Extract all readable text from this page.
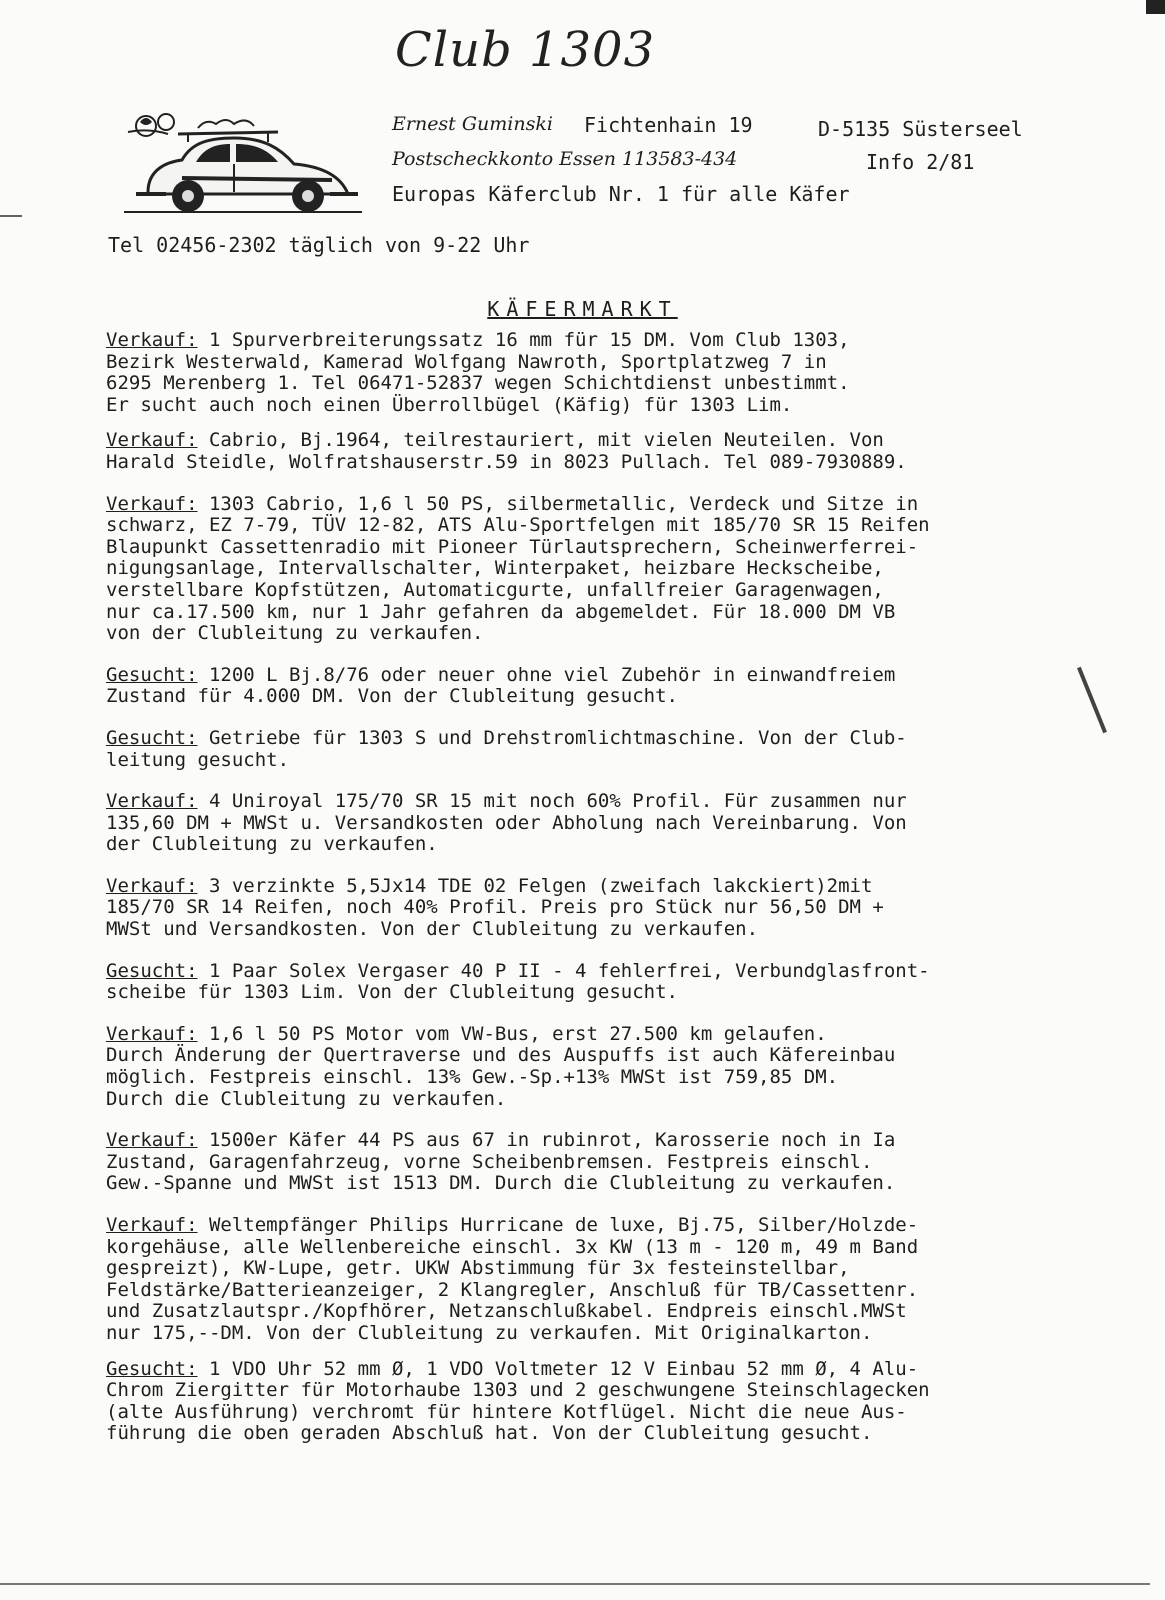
Club 1303
Ernest Guminski Fichtenhain 19	D-5135 Süsterseel
Postscheckkonto Essen 113583-434	Info 2/81
Europas Käferclub Nr. 1 für alle Käfer
Tel 02456-2302 täglich von 9-22 Uhr
KÄFERMARKT
Verkauf: 1 Spurverbreiterungssatz 16 mm für 15 DM. Vom Club 1303,
Bezirk Westerwald, Kamerad Wolfgang Nawroth, Sportplatzweg 7 in
6295 Merenberg 1. Tel 06471-52837 wegen Schichtdienst unbestimmt.
Er sucht auch noch einen Überrollbügel (Käfig) für 1303 Lim.
Verkauf: Cabrio, Bj.1964, teilrestauriert, mit vielen Neuteilen. Von
Harald Steidle, Wolfratshauserstr.59 in 8023 Pullach. Tel 089-7930889.
Verkauf: 1303 Cabrio, 1,6 l 50 PS, silbermetallic, Verdeck und Sitze in
schwarz, EZ 7-79, TÜV 12-82, ATS Alu-Sportfelgen mit 185/70 SR 15 Reifen
Blaupunkt Cassettenradio mit Pioneer Türlautsprechern, Scheinwerferrei-
nigungsanlage, Intervallschalter, Winterpaket, heizbare Heckscheibe,
verstellbare Kopfstützen, Automaticgurte, unfallfreier Garagenwagen,
nur ca.17.500 km, nur 1 Jahr gefahren da abgemeldet. Für 18.000 DM VB
von der Clubleitung zu verkaufen.
Gesucht: 1200 L Bj.8/76 oder neuer ohne viel Zubehör in einwandfreiem
Zustand für 4.000 DM. Von der Clubleitung gesucht.
Gesucht: Getriebe für 1303 S und Drehstromlichtmaschine. Von der Club-
leitung gesucht.
Verkauf: 4 Uniroyal 175/70 SR 15 mit noch 60% Profil. Für zusammen nur
135,60 DM + MWSt u. Versandkosten oder Abholung nach Vereinbarung. Von
der Clubleitung zu verkaufen.
Verkauf: 3 verzinkte 5,5Jx14 TDE 02 Felgen (zweifach lakckiert)2mit
185/70 SR 14 Reifen, noch 40% Profil. Preis pro Stück nur 56,50 DM +
MWSt und Versandkosten. Von der Clubleitung zu verkaufen.
Gesucht: 1 Paar Solex Vergaser 40 P II - 4 fehlerfrei, Verbundglasfront-
scheibe für 1303 Lim. Von der Clubleitung gesucht.
Verkauf: 1,6 l 50 PS Motor vom VW-Bus, erst 27.500 km gelaufen.
Durch Änderung der Quertraverse und des Auspuffs ist auch Käfereinbau
möglich. Festpreis einschl. 13% Gew.-Sp.+13% MWSt ist 759,85 DM.
Durch die Clubleitung zu verkaufen.
Verkauf: 1500er Käfer 44 PS aus 67 in rubinrot, Karosserie noch in Ia
Zustand, Garagenfahrzeug, vorne Scheibenbremsen. Festpreis einschl.
Gew.-Spanne und MWSt ist 1513 DM. Durch die Clubleitung zu verkaufen.
Verkauf: Weltempfänger Philips Hurricane de luxe, Bj.75, Silber/Holzde-
korgehäuse, alle Wellenbereiche einschl. 3x KW (13 m - 120 m, 49 m Band
gespreizt), KW-Lupe, getr. UKW Abstimmung für 3x festeinstellbar,
Feldstärke/Batterieanzeiger, 2 Klangregler, Anschluß für TB/Cassettenr.
und Zusatzlautspr./Kopfhörer, Netzanschlußkabel. Endpreis einschl.MWSt
nur 175,--DM. Von der Clubleitung zu verkaufen. Mit Originalkarton.
Gesucht: 1 VDO Uhr 52 mm Ø, 1 VDO Voltmeter 12 V Einbau 52 mm Ø, 4 Alu-
Chrom Ziergitter für Motorhaube 1303 und 2 geschwungene Steinschlagecken
(alte Ausführung) verchromt für hintere Kotflügel. Nicht die neue Aus-
führung die oben geraden Abschluß hat. Von der Clubleitung gesucht.
